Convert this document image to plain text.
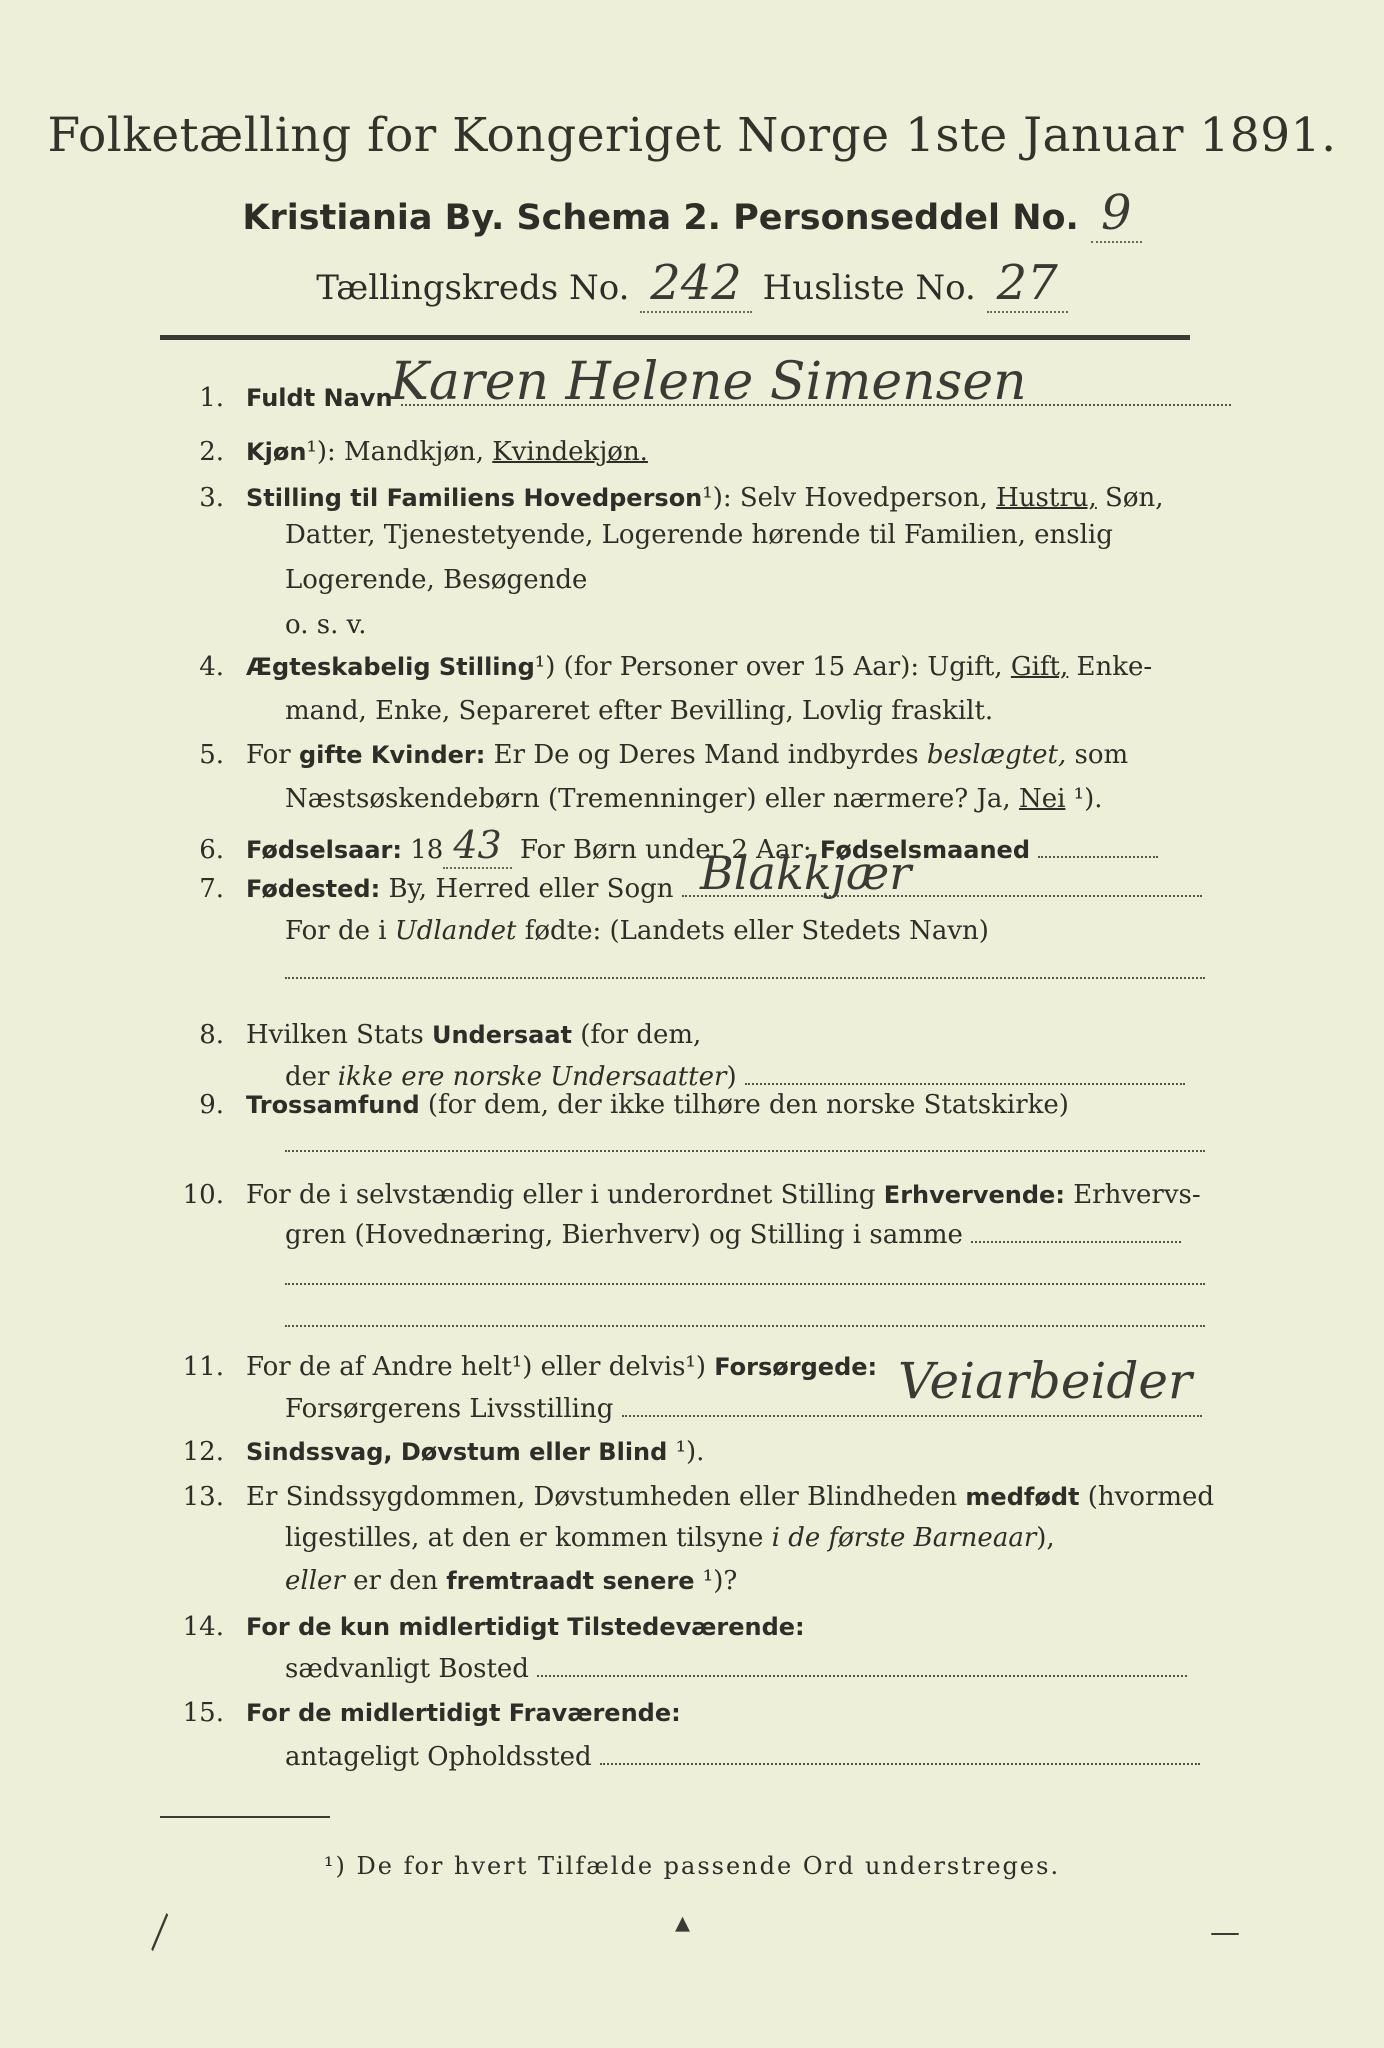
Folketælling for Kongeriget Norge 1ste Januar 1891.
Kristiania By. Schema 2. Personseddel No. 9
Tællingskreds No. 242 Husliste No. 27
1. Fuldt Navn
Karen Helene Simensen
2. Kjøn¹): Mandkjøn, Kvindekjøn.
3. Stilling til Familiens Hovedperson¹): Selv Hovedperson, Hustru, Søn,
Datter, Tjenestetyende, Logerende hørende til Familien, enslig
Logerende, Besøgende
o. s. v.
4. Ægteskabelig Stilling¹) (for Personer over 15 Aar): Ugift, Gift, Enke-
mand, Enke, Separeret efter Bevilling, Lovlig fraskilt.
5. For gifte Kvinder: Er De og Deres Mand indbyrdes beslægtet, som
Næstsøskendebørn (Tremenninger) eller nærmere? Ja, Nei ¹).
6. Fødselsaar: 18 43 For Børn under 2 Aar: Fødselsmaaned
7. Fødested: By, Herred eller Sogn Blakkjær
For de i Udlandet fødte: (Landets eller Stedets Navn)
8. Hvilken Stats Undersaat (for dem,
der ikke ere norske Undersaatter)
9. Trossamfund (for dem, der ikke tilhøre den norske Statskirke)
10. For de i selvstændig eller i underordnet Stilling Erhvervende: Erhvervs-
gren (Hovednæring, Bierhverv) og Stilling i samme
11. For de af Andre helt¹) eller delvis¹) Forsørgede:
Forsørgerens Livsstilling	Veiarbeider
12. Sindssvag, Døvstum eller Blind ¹).
13. Er Sindssygdommen, Døvstumheden eller Blindheden medfødt (hvormed
ligestilles, at den er kommen tilsyne i de første Barneaar),
eller er den fremtraadt senere ¹)?
14. For de kun midlertidigt Tilstedeværende:
sædvanligt Bosted
15. For de midlertidigt Fraværende:
antageligt Opholdssted
¹) De for hvert Tilfælde passende Ord understreges.
╲	▴	—
